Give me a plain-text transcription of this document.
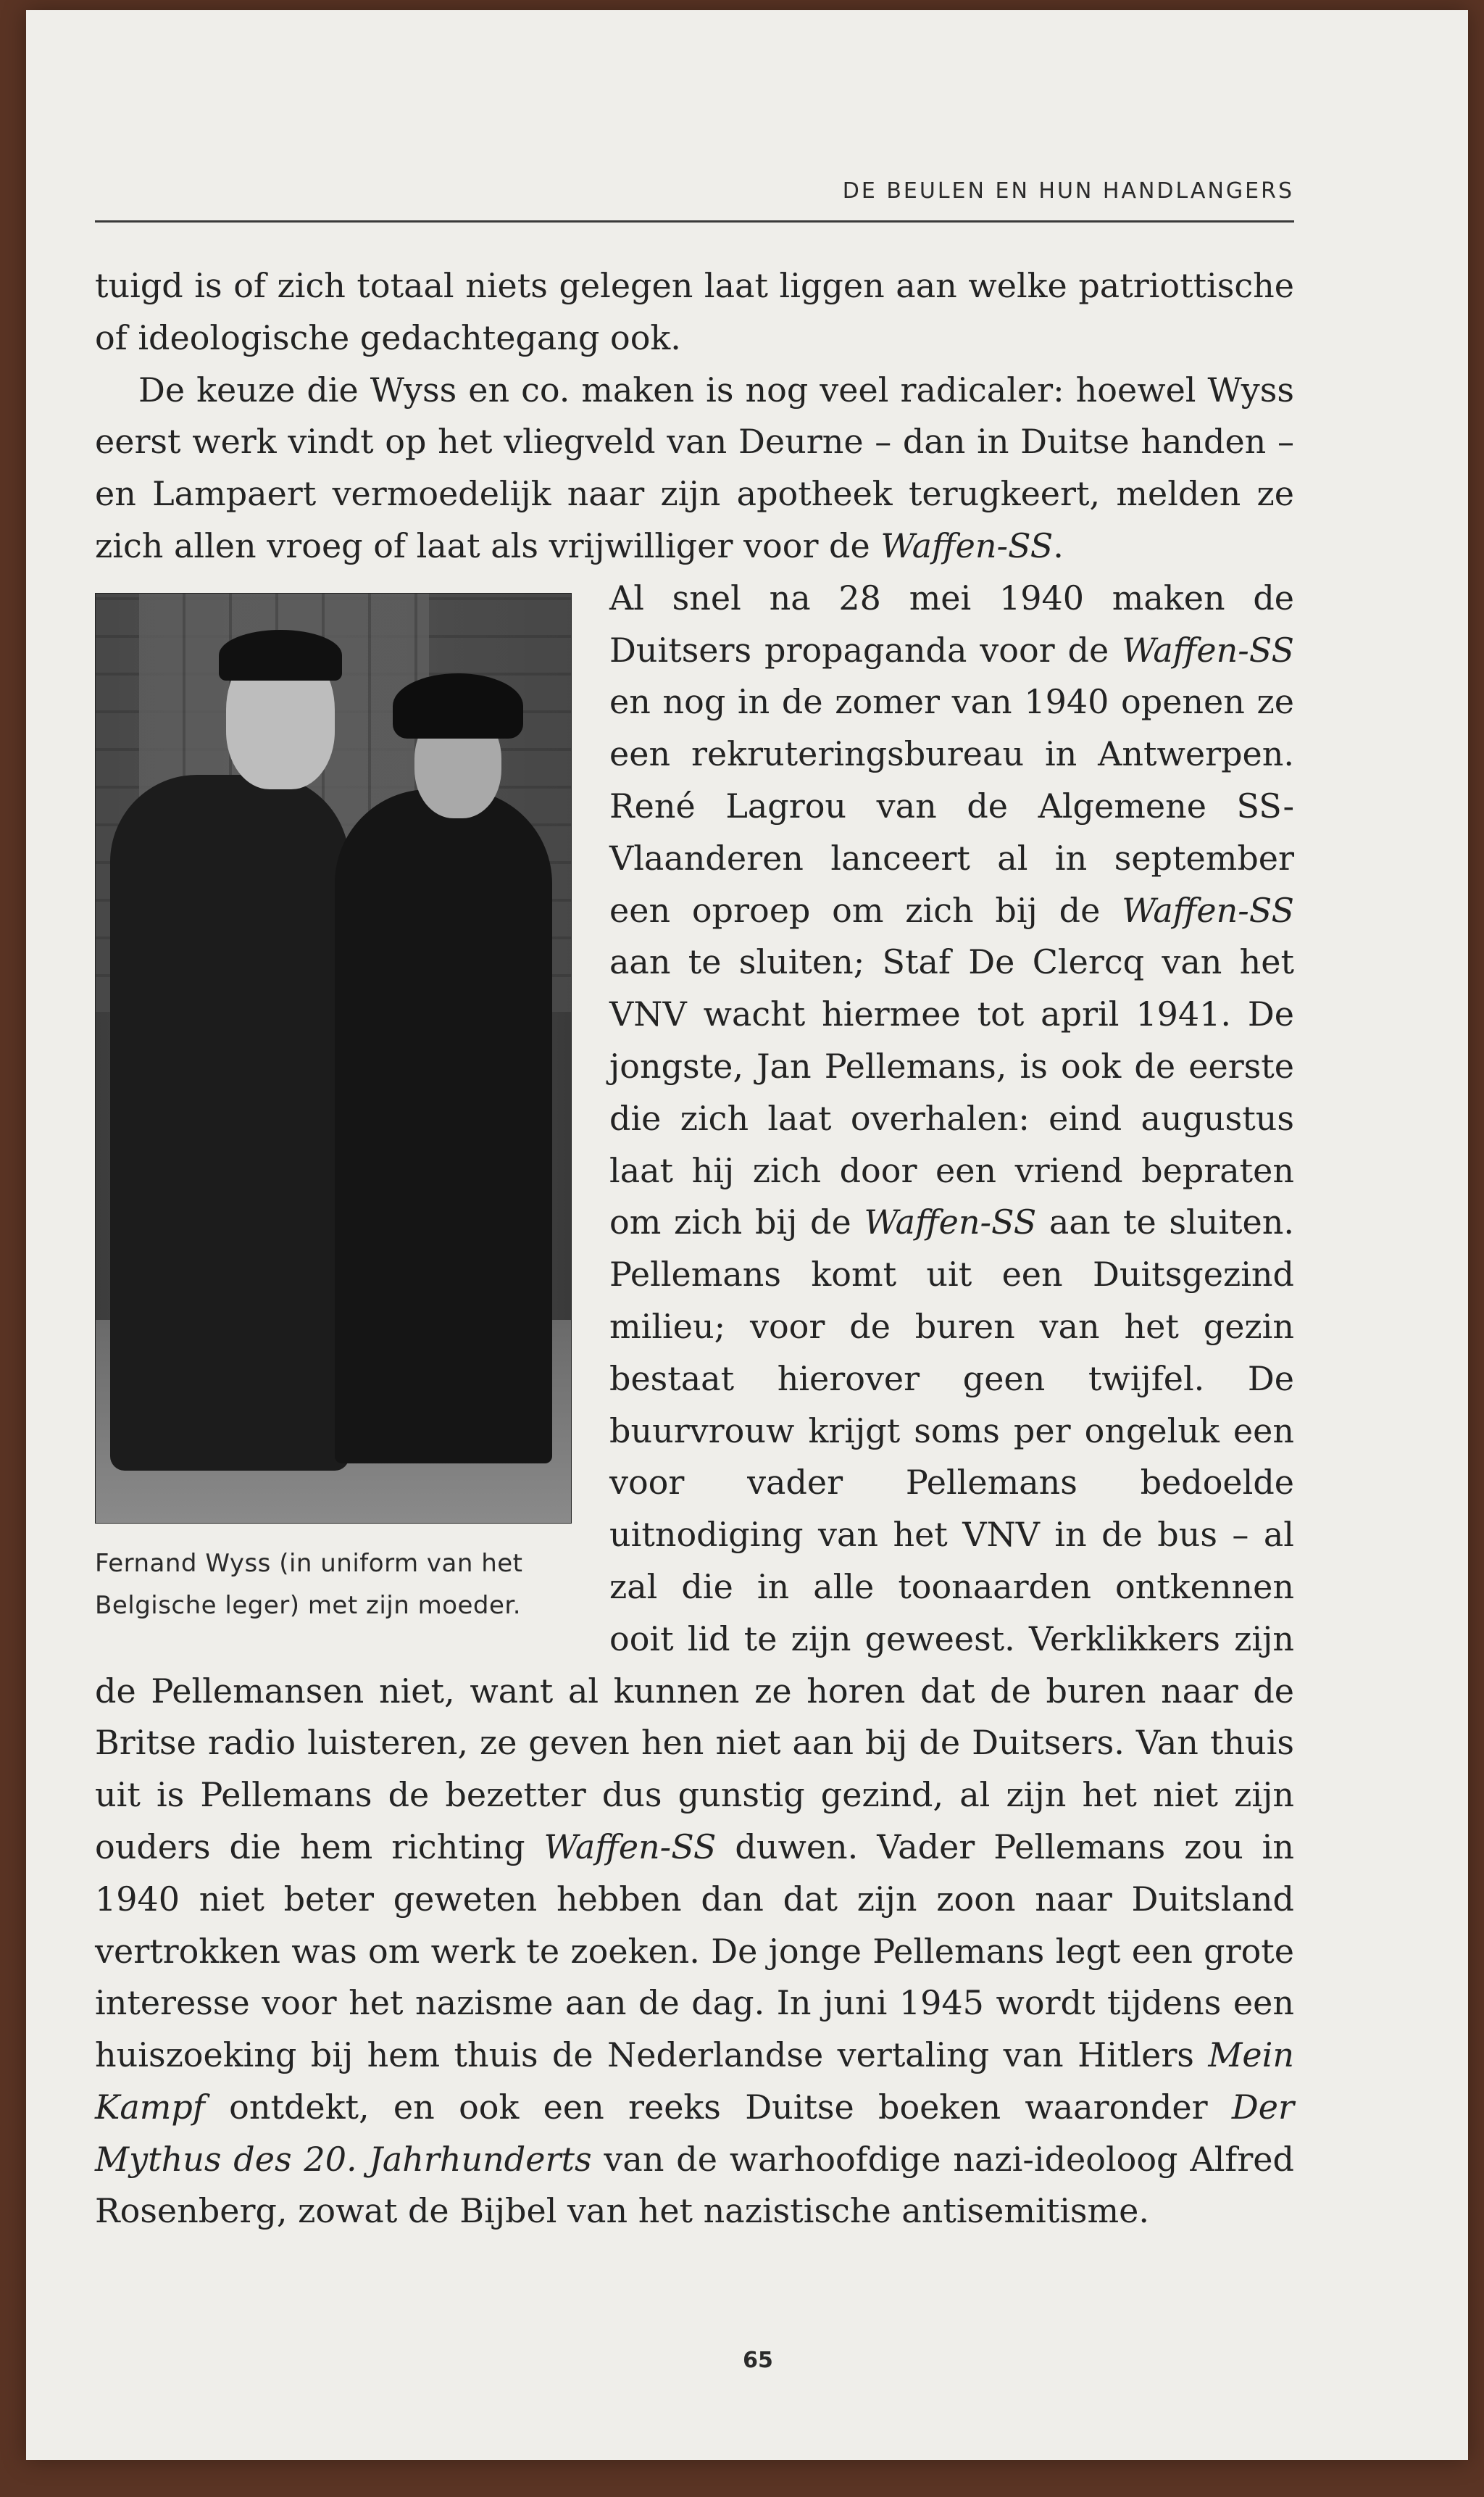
DE BEULEN EN HUN HANDLANGERS

tuigd is of zich totaal niets gelegen laat liggen aan welke patriottische of ideologische gedachtegang ook.

De keuze die Wyss en co. maken is nog veel radicaler: hoewel Wyss eerst werk vindt op het vliegveld van Deurne – dan in Duitse handen – en Lampaert vermoedelijk naar zijn apotheek terugkeert, melden ze zich allen vroeg of laat als vrijwilliger voor de Waffen-SS.

Fernand Wyss (in uniform van het Belgische leger) met zijn moeder.

Al snel na 28 mei 1940 maken de Duitsers propaganda voor de Waffen-SS en nog in de zomer van 1940 openen ze een rekruteringsbureau in Antwerpen. René Lagrou van de Algemene SS-Vlaanderen lanceert al in september een oproep om zich bij de Waffen-SS aan te sluiten; Staf De Clercq van het VNV wacht hiermee tot april 1941. De jongste, Jan Pellemans, is ook de eerste die zich laat overhalen: eind augustus laat hij zich door een vriend bepraten om zich bij de Waffen-SS aan te sluiten. Pellemans komt uit een Duitsgezind milieu; voor de buren van het gezin bestaat hierover geen twijfel. De buurvrouw krijgt soms per ongeluk een voor vader Pellemans bedoelde uitnodiging van het VNV in de bus – al zal die in alle toonaarden ontkennen ooit lid te zijn geweest. Verklikkers zijn de Pellemansen niet, want al kunnen ze horen dat de buren naar de Britse radio luisteren, ze geven hen niet aan bij de Duitsers. Van thuis uit is Pellemans de bezetter dus gunstig gezind, al zijn het niet zijn ouders die hem richting Waffen-SS duwen. Vader Pellemans zou in 1940 niet beter geweten hebben dan dat zijn zoon naar Duitsland vertrokken was om werk te zoeken. De jonge Pellemans legt een grote interesse voor het nazisme aan de dag. In juni 1945 wordt tijdens een huiszoeking bij hem thuis de Nederlandse vertaling van Hitlers Mein Kampf ontdekt, en ook een reeks Duitse boeken waaronder Der Mythus des 20. Jahrhunderts van de warhoofdige nazi-ideoloog Alfred Rosenberg, zowat de Bijbel van het nazistische antisemitisme.

65
